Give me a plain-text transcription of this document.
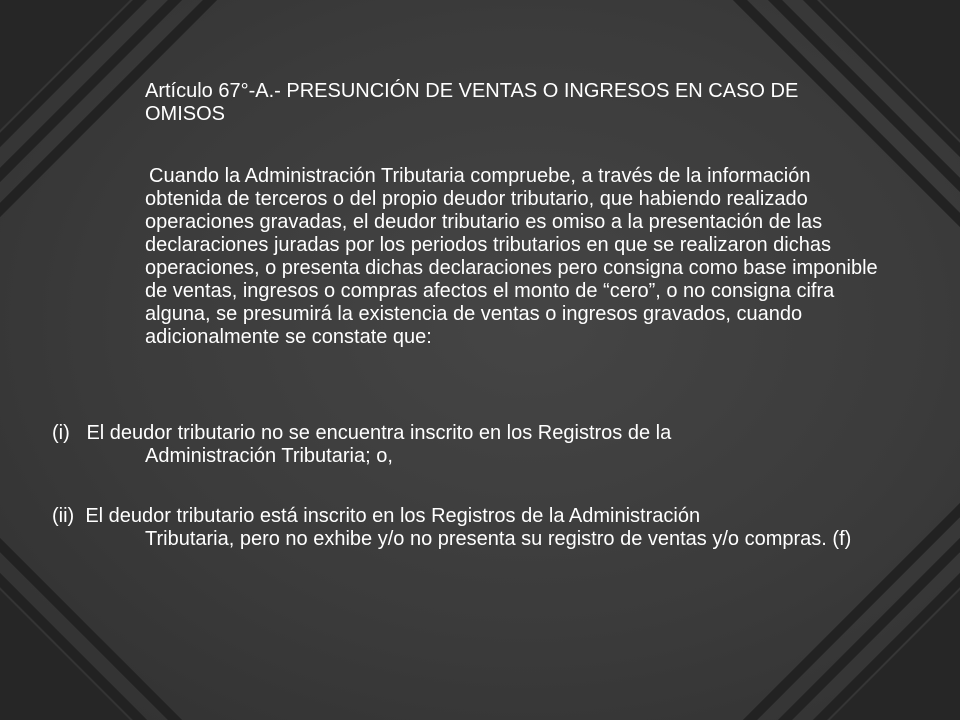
Artículo 67°-A.- PRESUNCIÓN DE VENTAS O INGRESOS EN CASO DE OMISOS

Cuando la Administración Tributaria compruebe, a través de la información obtenida de terceros o del propio deudor tributario, que habiendo realizado operaciones gravadas, el deudor tributario es omiso a la presentación de las declaraciones juradas por los periodos tributarios en que se realizaron dichas operaciones, o presenta dichas declaraciones pero consigna como base imponible de ventas, ingresos o compras afectos el monto de “cero”, o no consigna cifra alguna, se presumirá la existencia de ventas o ingresos gravados, cuando adicionalmente se constate que:

(i) El deudor tributario no se encuentra inscrito en los Registros de la
Administración Tributaria; o,
(ii) El deudor tributario está inscrito en los Registros de la Administración
Tributaria, pero no exhibe y/o no presenta su registro de ventas y/o compras. (f)
